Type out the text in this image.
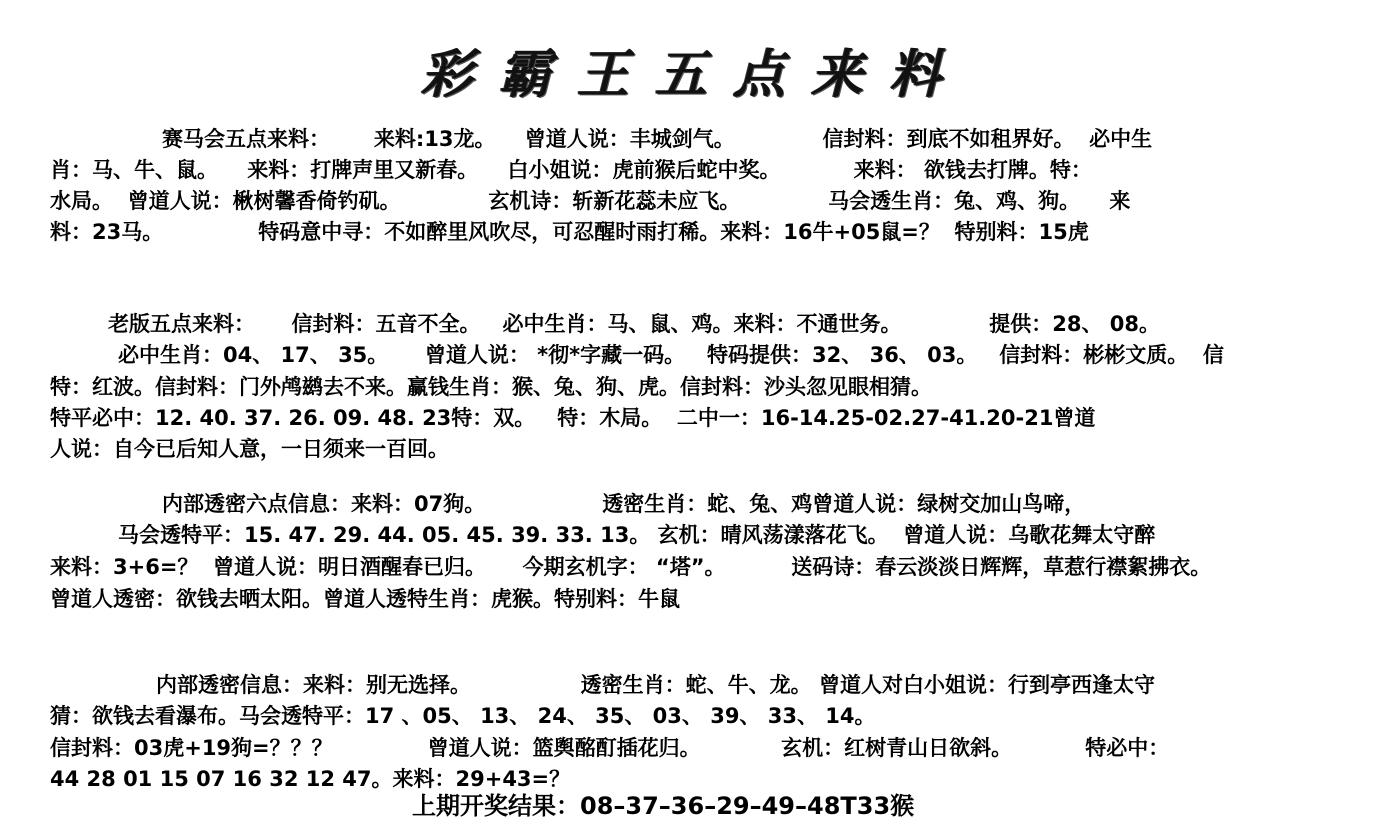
彩霸王五点来料
赛马会五点来料：      来料:13龙。    曾道人说：丰城剑气。            信封料：到底不如租界好。  必中生
肖：马、牛、鼠。    来料：打牌声里又新春。    白小姐说：虎前猴后蛇中奖。          来料： 欲钱去打牌。特：
水局。  曾道人说：楸树馨香倚钓矶。            玄机诗：斩新花蕊未应飞。            马会透生肖：兔、鸡、狗。    来
料：23马。             特码意中寻：不如醉里风吹尽，可忍醒时雨打稀。来料：16牛+05鼠=？  特别料：15虎
老版五点来料：     信封料：五音不全。   必中生肖：马、鼠、鸡。来料：不通世务。            提供：28、 08。
必中生肖：04、 17、 35。     曾道人说： *彻*字藏一码。   特码提供：32、 36、 03。   信封料：彬彬文质。  信
特：红波。信封料：门外鸬鹚去不来。赢钱生肖：猴、兔、狗、虎。信封料：沙头忽见眼相猜。
特平必中：12. 40. 37. 26. 09. 48. 23特：双。   特：木局。  二中一：16-14.25-02.27-41.20-21曾道
人说：自今已后知人意，一日须来一百回。
内部透密六点信息：来料：07狗。                透密生肖：蛇、兔、鸡曾道人说：绿树交加山鸟啼，
马会透特平：15. 47. 29. 44. 05. 45. 39. 33. 13。 玄机：晴风荡漾落花飞。  曾道人说：乌歌花舞太守醉
来料：3+6=？  曾道人说：明日酒醒春已归。     今期玄机字： “塔”。         送码诗：春云淡淡日辉辉，草惹行襟絮拂衣。
曾道人透密：欲钱去晒太阳。曾道人透特生肖：虎猴。特别料：牛鼠
内部透密信息：来料：别无选择。               透密生肖：蛇、牛、龙。 曾道人对白小姐说：行到亭西逢太守
猜：欲钱去看瀑布。马会透特平：17 、05、 13、 24、 35、 03、 39、 33、 14。
信封料：03虎+19狗=？？？             曾道人说：篮舆酩酊插花归。           玄机：红树青山日欲斜。          特必中：
44 28 01 15 07 16 32 12 47。来料：29+43=？
上期开奖结果：08–37–36–29–49–48T33猴
